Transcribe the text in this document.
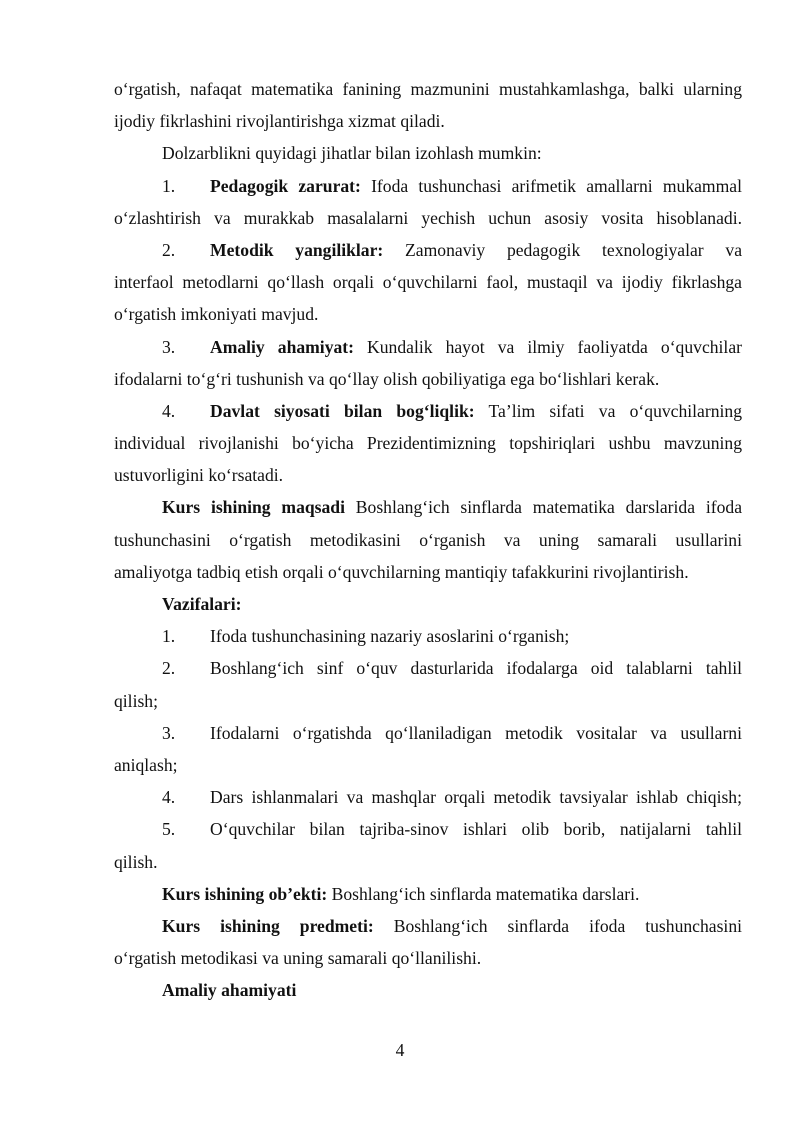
o‘rgatish, nafaqat matematika fanining mazmunini mustahkamlashga, balki ularning
ijodiy fikrlashini rivojlantirishga xizmat qiladi.
Dolzarblikni quyidagi jihatlar bilan izohlash mumkin:
1.	Pedagogik zarurat: Ifoda tushunchasi arifmetik amallarni mukammal
o‘zlashtirish va murakkab masalalarni yechish uchun asosiy vosita hisoblanadi.
2.	Metodik yangiliklar: Zamonaviy pedagogik texnologiyalar va
interfaol metodlarni qo‘llash orqali o‘quvchilarni faol, mustaqil va ijodiy fikrlashga
o‘rgatish imkoniyati mavjud.
3.	Amaliy ahamiyat: Kundalik hayot va ilmiy faoliyatda o‘quvchilar
ifodalarni to‘g‘ri tushunish va qo‘llay olish qobiliyatiga ega bo‘lishlari kerak.
4.	Davlat siyosati bilan bog‘liqlik: Ta’lim sifati va o‘quvchilarning
individual rivojlanishi bo‘yicha Prezidentimizning topshiriqlari ushbu mavzuning
ustuvorligini ko‘rsatadi.
Kurs ishining maqsadi Boshlang‘ich sinflarda matematika darslarida ifoda
tushunchasini o‘rgatish metodikasini o‘rganish va uning samarali usullarini
amaliyotga tadbiq etish orqali o‘quvchilarning mantiqiy tafakkurini rivojlantirish.
Vazifalari:
1.	Ifoda tushunchasining nazariy asoslarini o‘rganish;
2.	Boshlang‘ich sinf o‘quv dasturlarida ifodalarga oid talablarni tahlil
qilish;
3.	Ifodalarni o‘rgatishda qo‘llaniladigan metodik vositalar va usullarni
aniqlash;
4.	Dars ishlanmalari va mashqlar orqali metodik tavsiyalar ishlab chiqish;
5.	O‘quvchilar bilan tajriba-sinov ishlari olib borib, natijalarni tahlil
qilish.
Kurs ishining ob’ekti: Boshlang‘ich sinflarda matematika darslari.
Kurs ishining predmeti: Boshlang‘ich sinflarda ifoda tushunchasini
o‘rgatish metodikasi va uning samarali qo‘llanilishi.
Amaliy ahamiyati
4
